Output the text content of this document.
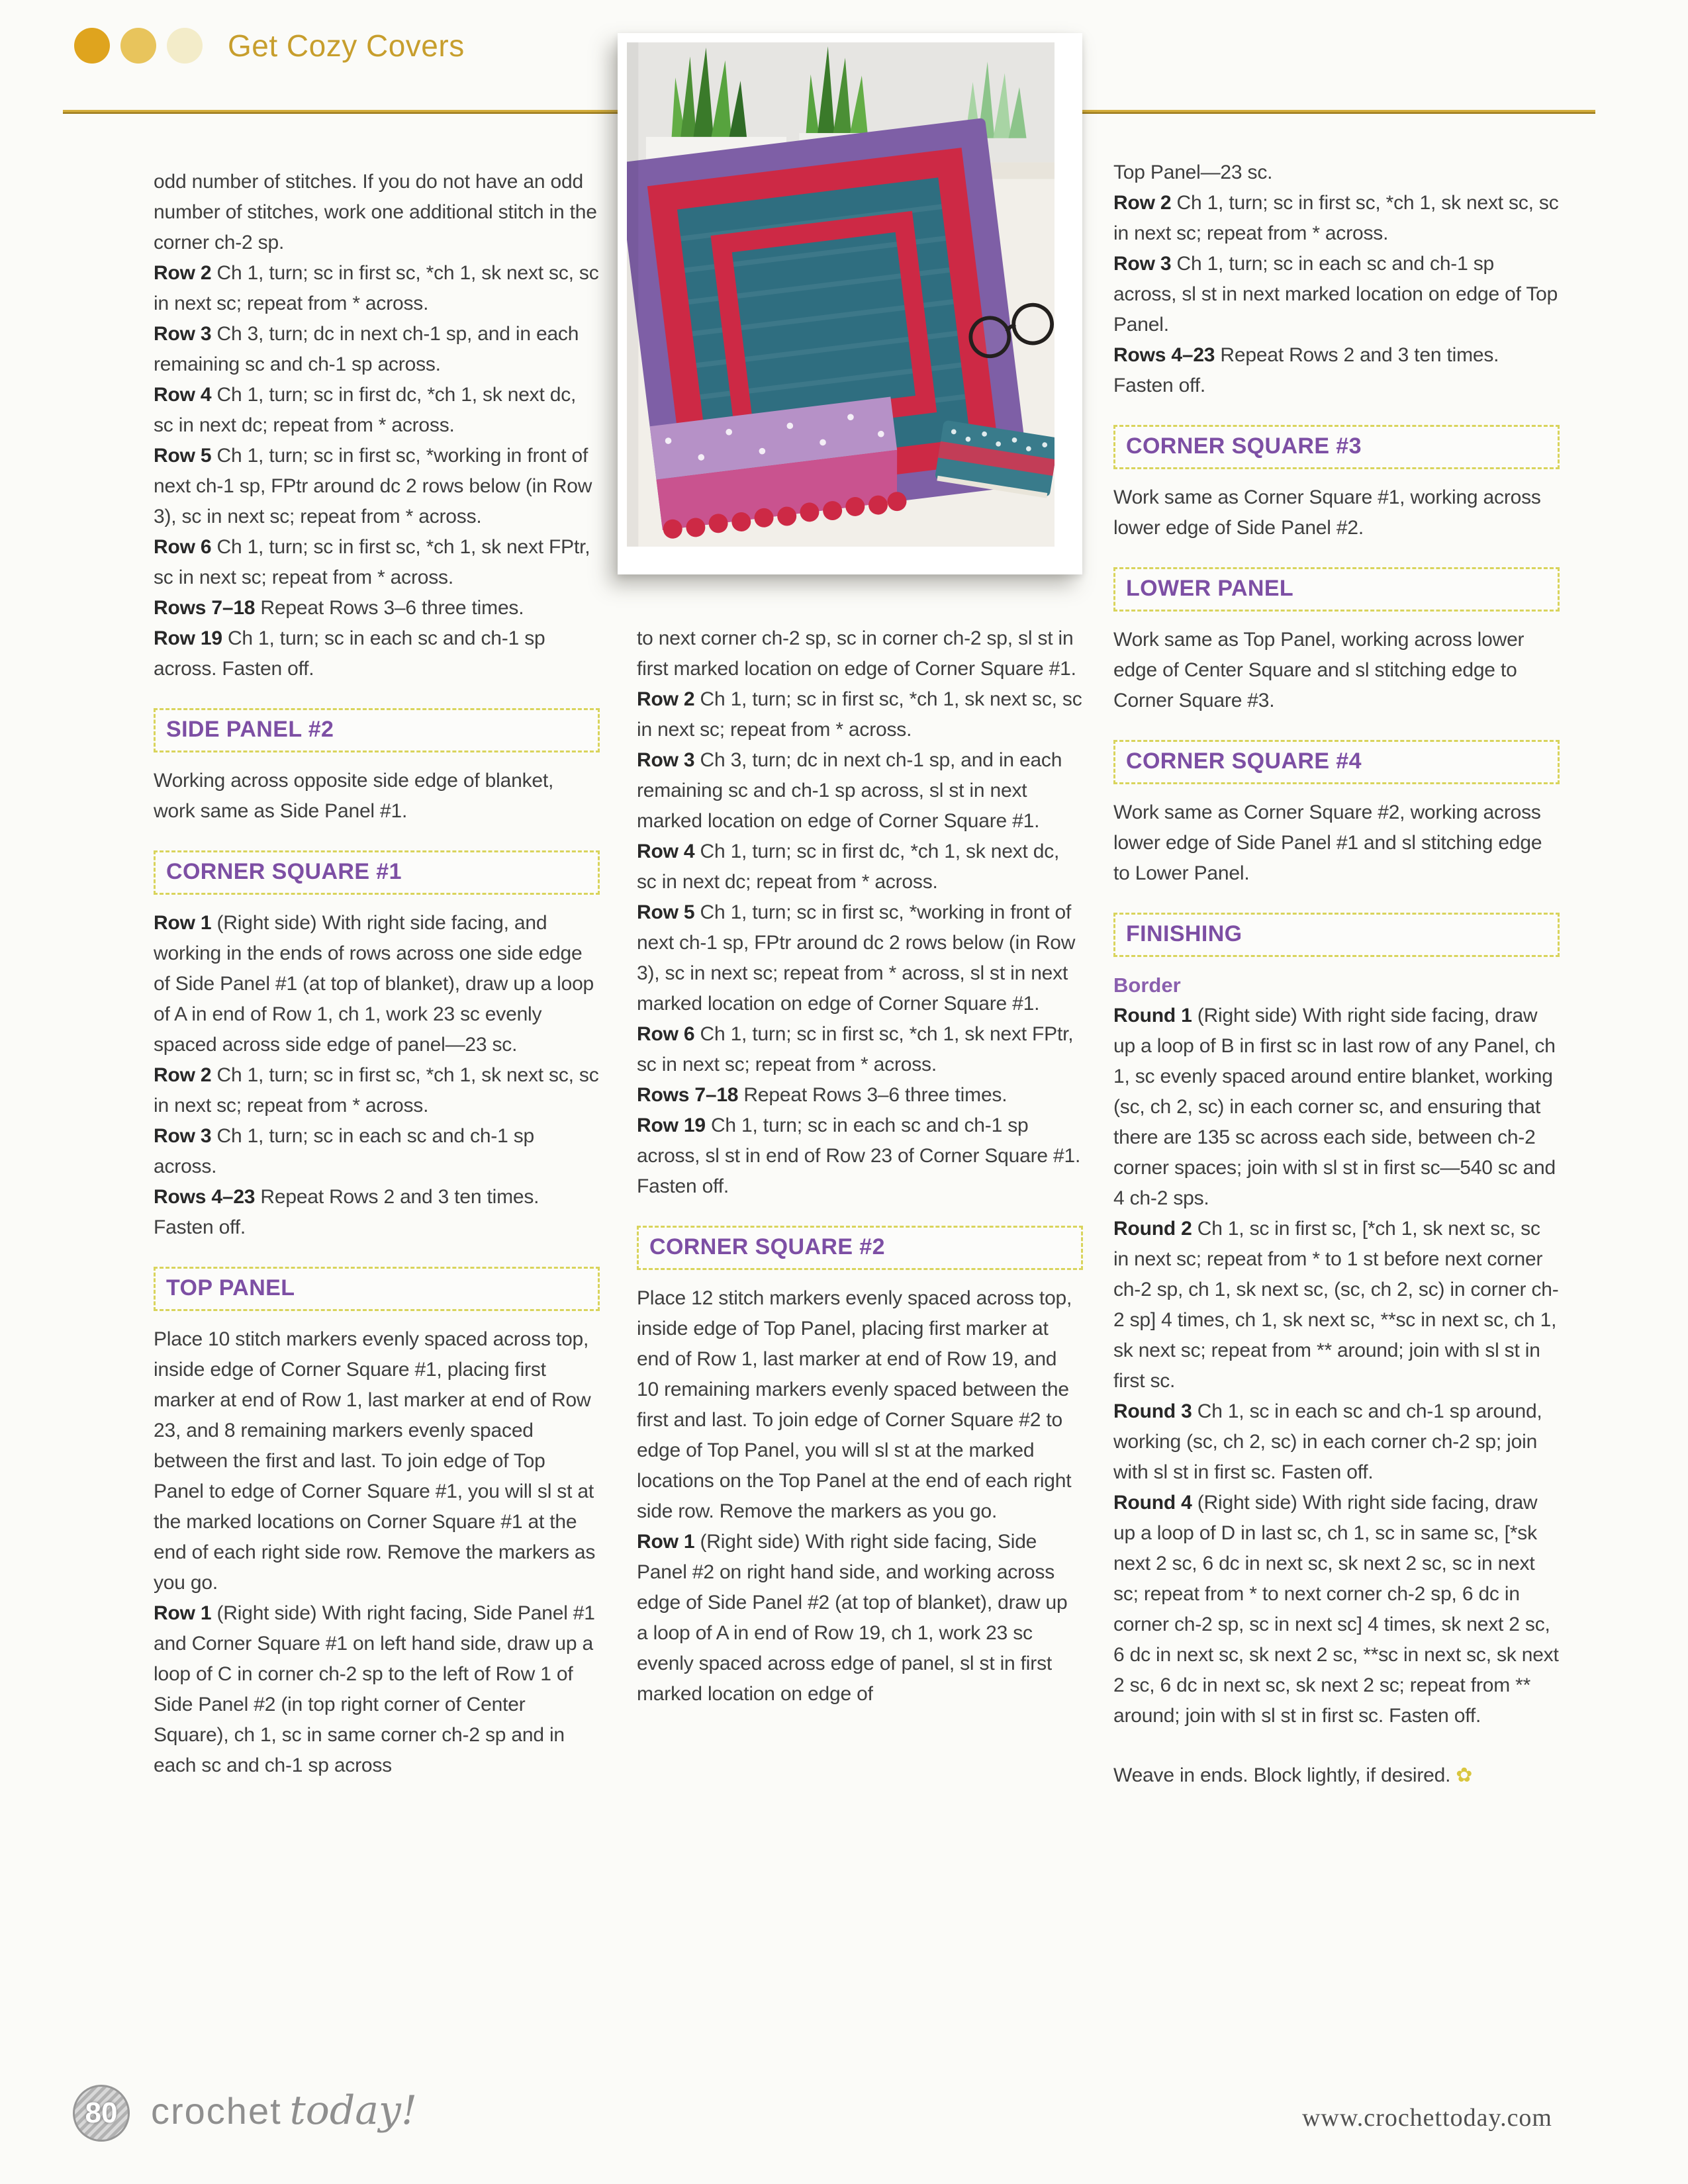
Get Cozy Covers

odd number of stitches. If you do not have an odd number of stitches, work one additional stitch in the corner ch-2 sp.

Row 2 Ch 1, turn; sc in first sc, *ch 1, sk next sc, sc in next sc; repeat from * across.

Row 3 Ch 3, turn; dc in next ch-1 sp, and in each remaining sc and ch-1 sp across.

Row 4 Ch 1, turn; sc in first dc, *ch 1, sk next dc, sc in next dc; repeat from * across.

Row 5 Ch 1, turn; sc in first sc, *working in front of next ch-1 sp, FPtr around dc 2 rows below (in Row 3), sc in next sc; repeat from * across.

Row 6 Ch 1, turn; sc in first sc, *ch 1, sk next FPtr, sc in next sc; repeat from * across.

Rows 7–18 Repeat Rows 3–6 three times.

Row 19 Ch 1, turn; sc in each sc and ch-1 sp across. Fasten off.

SIDE PANEL #2

Working across opposite side edge of blanket, work same as Side Panel #1.

CORNER SQUARE #1

Row 1 (Right side) With right side facing, and working in the ends of rows across one side edge of Side Panel #1 (at top of blanket), draw up a loop of A in end of Row 1, ch 1, work 23 sc evenly spaced across side edge of panel—23 sc.

Row 2 Ch 1, turn; sc in first sc, *ch 1, sk next sc, sc in next sc; repeat from * across.

Row 3 Ch 1, turn; sc in each sc and ch-1 sp across.

Rows 4–23 Repeat Rows 2 and 3 ten times. Fasten off.

TOP PANEL

Place 10 stitch markers evenly spaced across top, inside edge of Corner Square #1, placing first marker at end of Row 1, last marker at end of Row 23, and 8 remaining markers evenly spaced between the first and last. To join edge of Top Panel to edge of Corner Square #1, you will sl st at the marked locations on Corner Square #1 at the end of each right side row. Remove the markers as you go.

Row 1 (Right side) With right facing, Side Panel #1 and Corner Square #1 on left hand side, draw up a loop of C in corner ch-2 sp to the left of Row 1 of Side Panel #2 (in top right corner of Center Square), ch 1, sc in same corner ch-2 sp and in each sc and ch-1 sp across

to next corner ch-2 sp, sc in corner ch-2 sp, sl st in first marked location on edge of Corner Square #1.

Row 2 Ch 1, turn; sc in first sc, *ch 1, sk next sc, sc in next sc; repeat from * across.

Row 3 Ch 3, turn; dc in next ch-1 sp, and in each remaining sc and ch-1 sp across, sl st in next marked location on edge of Corner Square #1.

Row 4 Ch 1, turn; sc in first dc, *ch 1, sk next dc, sc in next dc; repeat from * across.

Row 5 Ch 1, turn; sc in first sc, *working in front of next ch-1 sp, FPtr around dc 2 rows below (in Row 3), sc in next sc; repeat from * across, sl st in next marked location on edge of Corner Square #1.

Row 6 Ch 1, turn; sc in first sc, *ch 1, sk next FPtr, sc in next sc; repeat from * across.

Rows 7–18 Repeat Rows 3–6 three times.

Row 19 Ch 1, turn; sc in each sc and ch-1 sp across, sl st in end of Row 23 of Corner Square #1.

Fasten off.

CORNER SQUARE #2

Place 12 stitch markers evenly spaced across top, inside edge of Top Panel, placing first marker at end of Row 1, last marker at end of Row 19, and 10 remaining markers evenly spaced between the first and last. To join edge of Corner Square #2 to edge of Top Panel, you will sl st at the marked locations on the Top Panel at the end of each right side row. Remove the markers as you go.

Row 1 (Right side) With right side facing, Side Panel #2 on right hand side, and working across edge of Side Panel #2 (at top of blanket), draw up a loop of A in end of Row 19, ch 1, work 23 sc evenly spaced across edge of panel, sl st in first marked location on edge of

Top Panel—23 sc.

Row 2 Ch 1, turn; sc in first sc, *ch 1, sk next sc, sc in next sc; repeat from * across.

Row 3 Ch 1, turn; sc in each sc and ch-1 sp across, sl st in next marked location on edge of Top Panel.

Rows 4–23 Repeat Rows 2 and 3 ten times. Fasten off.

CORNER SQUARE #3

Work same as Corner Square #1, working across lower edge of Side Panel #2.

LOWER PANEL

Work same as Top Panel, working across lower edge of Center Square and sl stitching edge to Corner Square #3.

CORNER SQUARE #4

Work same as Corner Square #2, working across lower edge of Side Panel #1 and sl stitching edge to Lower Panel.

FINISHING
Border

Round 1 (Right side) With right side facing, draw up a loop of B in first sc in last row of any Panel, ch 1, sc evenly spaced around entire blanket, working (sc, ch 2, sc) in each corner sc, and ensuring that there are 135 sc across each side, between ch-2 corner spaces; join with sl st in first sc—540 sc and 4 ch-2 sps.

Round 2 Ch 1, sc in first sc, [*ch 1, sk next sc, sc in next sc; repeat from * to 1 st before next corner ch-2 sp, ch 1, sk next sc, (sc, ch 2, sc) in corner ch-2 sp] 4 times, ch 1, sk next sc, **sc in next sc, ch 1, sk next sc; repeat from ** around; join with sl st in first sc.

Round 3 Ch 1, sc in each sc and ch-1 sp around, working (sc, ch 2, sc) in each corner ch-2 sp; join with sl st in first sc. Fasten off.

Round 4 (Right side) With right side facing, draw up a loop of D in last sc, ch 1, sc in same sc, [*sk next 2 sc, 6 dc in next sc, sk next 2 sc, sc in next sc; repeat from * to next corner ch-2 sp, 6 dc in corner ch-2 sp, sc in next sc] 4 times, sk next 2 sc, 6 dc in next sc, sk next 2 sc, **sc in next sc, sk next 2 sc, 6 dc in next sc, sk next 2 sc; repeat from ** around; join with sl st in first sc. Fasten off.

Weave in ends. Block lightly, if desired. ✿

80 crochet today!	www.crochettoday.com
